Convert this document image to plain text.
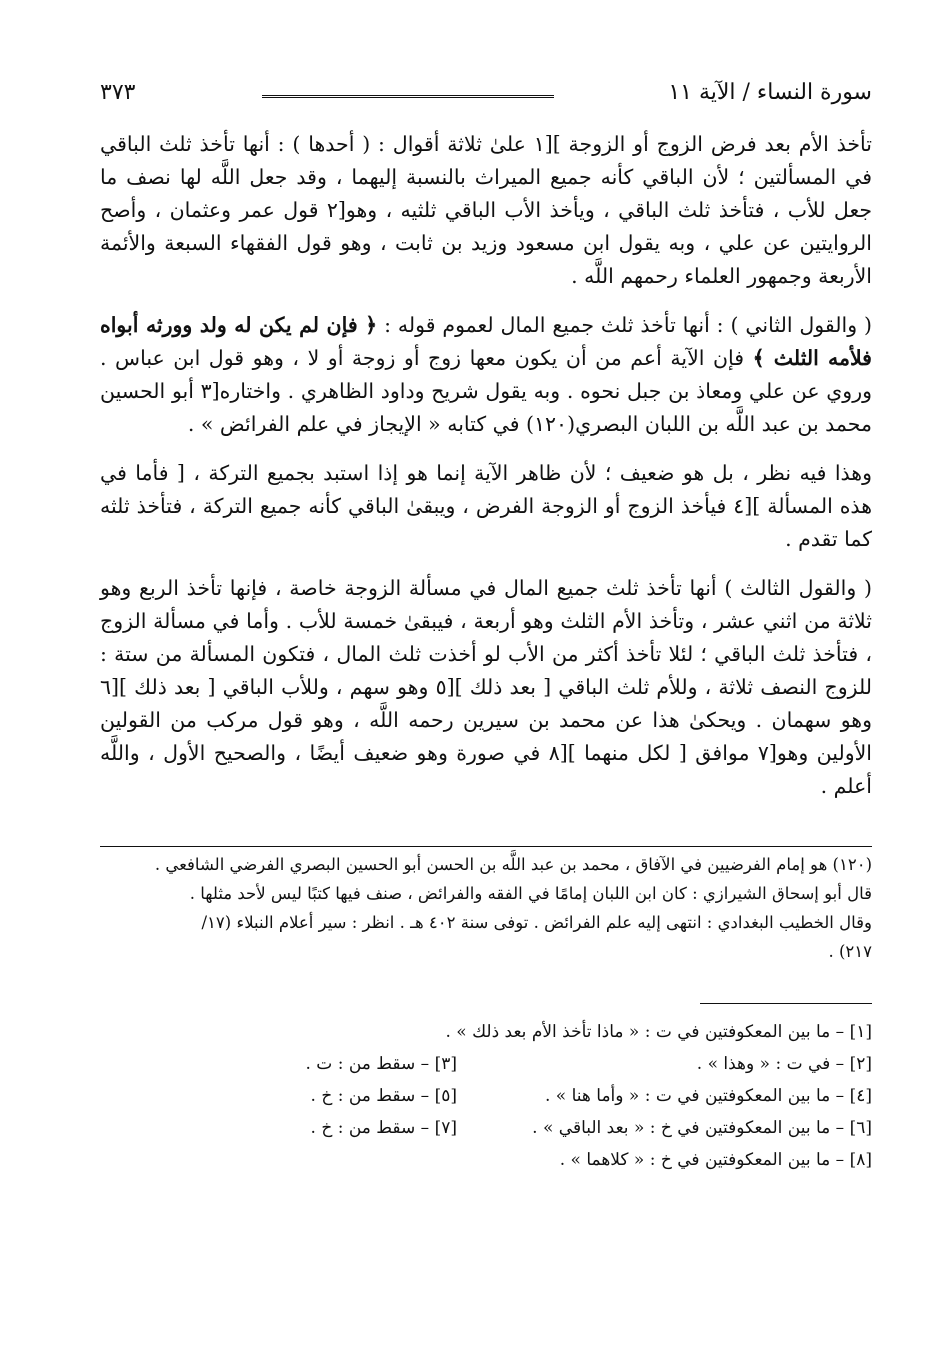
سورة النساء / الآية ١١
٣٧٣

تأخذ الأم بعد فرض الزوج أو الزوجة ][١ علىٰ ثلاثة أقوال : ( أحدها ) : أنها تأخذ ثلث الباقي في المسألتين ؛ لأن الباقي كأنه جميع الميراث بالنسبة إليهما ، وقد جعل اللَّه لها نصف ما جعل للأب ، فتأخذ ثلث الباقي ، ويأخذ الأب الباقي ثلثيه ، وهو[٢ قول عمر وعثمان ، وأصح الروايتين عن علي ، وبه يقول ابن مسعود وزيد بن ثابت ، وهو قول الفقهاء السبعة والأئمة الأربعة وجمهور العلماء رحمهم اللَّه .

( والقول الثاني ) : أنها تأخذ ثلث جميع المال لعموم قوله : ﴿ فإن لم يكن له ولد وورثه أبواه فلأمه الثلث ﴾ فإن الآية أعم من أن يكون معها زوج أو زوجة أو لا ، وهو قول ابن عباس . وروي عن علي ومعاذ بن جبل نحوه . وبه يقول شريح وداود الظاهري . واختاره[٣ أبو الحسين محمد بن عبد اللَّه بن اللبان البصري(١٢٠) في كتابه « الإيجاز في علم الفرائض » .

وهذا فيه نظر ، بل هو ضعيف ؛ لأن ظاهر الآية إنما هو إذا استبد بجميع التركة ، [ فأما في هذه المسألة ][٤ فيأخذ الزوج أو الزوجة الفرض ، ويبقىٰ الباقي كأنه جميع التركة ، فتأخذ ثلثه كما تقدم .

( والقول الثالث ) أنها تأخذ ثلث جميع المال في مسألة الزوجة خاصة ، فإنها تأخذ الربع وهو ثلاثة من اثني عشر ، وتأخذ الأم الثلث وهو أربعة ، فيبقىٰ خمسة للأب . وأما في مسألة الزوج ، فتأخذ ثلث الباقي ؛ لئلا تأخذ أكثر من الأب لو أخذت ثلث المال ، فتكون المسألة من ستة : للزوج النصف ثلاثة ، وللأم ثلث الباقي [ بعد ذلك ][٥ وهو سهم ، وللأب الباقي [ بعد ذلك ][٦ وهو سهمان . ويحكىٰ هذا عن محمد بن سيرين رحمه اللَّه ، وهو قول مركب من القولين الأولين وهو[٧ موافق [ لكل منهما ][٨ في صورة وهو ضعيف أيضًا ، والصحيح الأول ، واللَّه أعلم .

(١٢٠) هو إمام الفرضيين في الآفاق ، محمد بن عبد اللَّه بن الحسن أبو الحسين البصري الفرضي الشافعي .

قال أبو إسحاق الشيرازي : كان ابن اللبان إمامًا في الفقه والفرائض ، صنف فيها كتبًا ليس لأحد مثلها .

وقال الخطيب البغدادي : انتهى إليه علم الفرائض . توفى سنة ٤٠٢ هـ . انظر : سير أعلام النبلاء (١٧/

٢١٧) .

[١] – ما بين المعكوفتين في ت : « ماذا تأخذ الأم بعد ذلك » .
[٢] – في ت : « وهذا » .
[٣] – سقط من : ت .
[٤] – ما بين المعكوفتين في ت : « وأما هنا » .
[٥] – سقط من : خ .
[٦] – ما بين المعكوفتين في خ : « بعد الباقي » .
[٧] – سقط من : خ .
[٨] – ما بين المعكوفتين في خ : « كلاهما » .
